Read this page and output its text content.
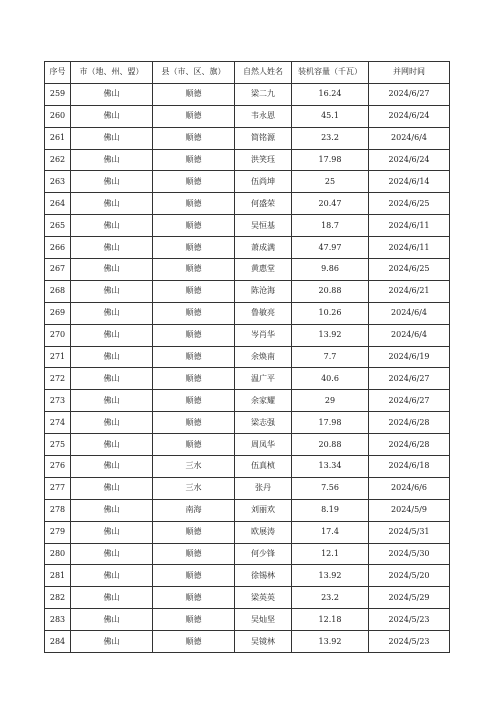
序号	市（地、州、盟）	县（市、区、旗）	自然人姓名	装机容量（千瓦）	并网时间
259	佛山	顺德	梁二九	16.24	2024/6/27
260	佛山	顺德	韦永恩	45.1	2024/6/24
261	佛山	顺德	简铭源	23.2	2024/6/4
262	佛山	顺德	洪笑珏	17.98	2024/6/24
263	佛山	顺德	伍尚坤	25	2024/6/14
264	佛山	顺德	何盛荣	20.47	2024/6/25
265	佛山	顺德	吴恒基	18.7	2024/6/11
266	佛山	顺德	萧成满	47.97	2024/6/11
267	佛山	顺德	黄惠堂	9.86	2024/6/25
268	佛山	顺德	陈沧海	20.88	2024/6/21
269	佛山	顺德	鲁敏亮	10.26	2024/6/4
270	佛山	顺德	岑肖华	13.92	2024/6/4
271	佛山	顺德	余焕南	7.7	2024/6/19
272	佛山	顺德	温广平	40.6	2024/6/27
273	佛山	顺德	余家耀	29	2024/6/27
274	佛山	顺德	梁志强	17.98	2024/6/28
275	佛山	顺德	周凤华	20.88	2024/6/28
276	佛山	三水	伍真桢	13.34	2024/6/18
277	佛山	三水	张丹	7.56	2024/6/6
278	佛山	南海	刘丽欢	8.19	2024/5/9
279	佛山	顺德	欧展涛	17.4	2024/5/31
280	佛山	顺德	何少锋	12.1	2024/5/30
281	佛山	顺德	徐锡林	13.92	2024/5/20
282	佛山	顺德	梁英英	23.2	2024/5/29
283	佛山	顺德	吴灿坚	12.18	2024/5/23
284	佛山	顺德	吴镜林	13.92	2024/5/23
